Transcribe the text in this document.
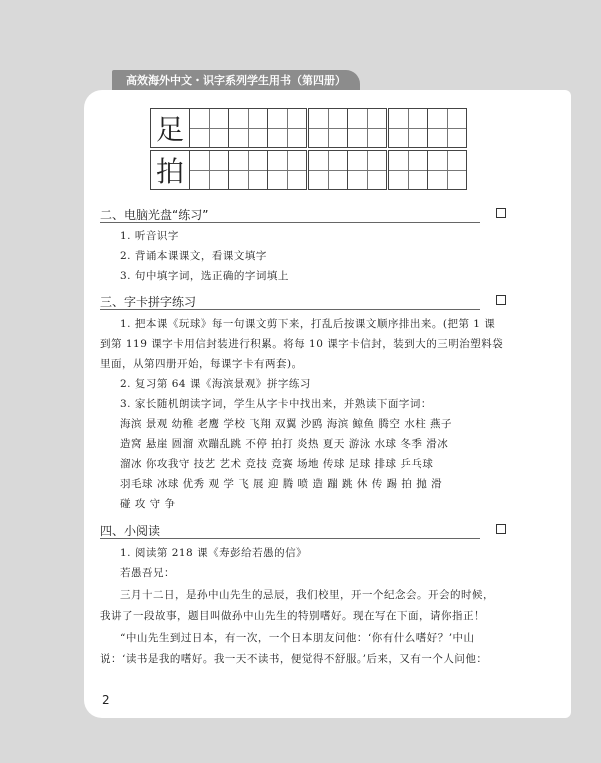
高效海外中文・识字系列学生用书（第四册）
足
拍
二、电脑光盘“练习”
1. 听音识字
2. 背诵本课课文，看课文填字
3. 句中填字词，选正确的字词填上
三、字卡拼字练习
1. 把本课《玩球》每一句课文剪下来，打乱后按课文顺序排出来。(把第 1 课
到第 119 课字卡用信封装进行积累。将每 10 课字卡信封，装到大的三明治塑料袋
里面，从第四册开始，每课字卡有两套)。
2. 复习第 64 课《海滨景观》拼字练习
3. 家长随机朗读字词，学生从字卡中找出来，并熟读下面字词：
海滨 景观 幼稚 老鹰 学校 飞翔 双翼 沙鸥 海滨 鲸鱼 腾空 水柱 燕子
造窝 悬崖 圆溜 欢蹦乱跳 不停 拍打 炎热 夏天 游泳 水球 冬季 滑冰
溜冰 你攻我守 技艺 艺术 竞技 竞赛 场地 传球 足球 排球 乒乓球
羽毛球 冰球 优秀 观 学 飞 展 迎 腾 喷 造 蹦 跳 休 传 踢 拍 抛 滑
碰 攻 守 争
四、小阅读
1. 阅读第 218 课《寿彭给若愚的信》
若愚吾兄：
三月十二日，是孙中山先生的忌辰，我们校里，开一个纪念会。开会的时候，
我讲了一段故事，题目叫做孙中山先生的特别嗜好。现在写在下面，请你指正！
“中山先生到过日本，有一次，一个日本朋友问他：‘你有什么嗜好？’中山
说：‘读书是我的嗜好。我一天不读书，便觉得不舒服。’后来，又有一个人问他：
2
